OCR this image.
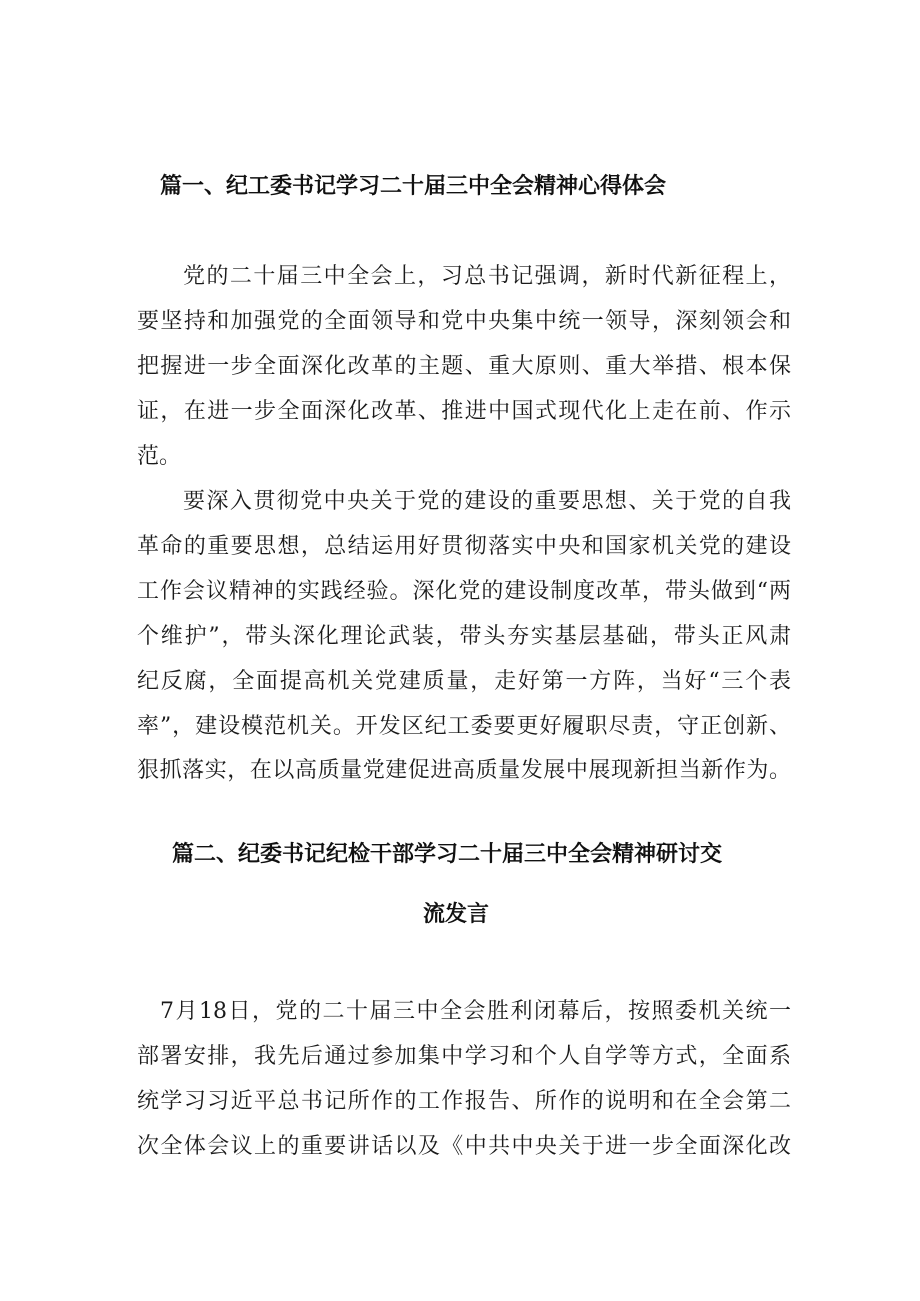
篇一、纪工委书记学习二十届三中全会精神心得体会
党的二十届三中全会上，习总书记强调，新时代新征程上，
要坚持和加强党的全面领导和党中央集中统一领导，深刻领会和
把握进一步全面深化改革的主题、重大原则、重大举措、根本保
证，在进一步全面深化改革、推进中国式现代化上走在前、作示
范。
要深入贯彻党中央关于党的建设的重要思想、关于党的自我
革命的重要思想，总结运用好贯彻落实中央和国家机关党的建设
工作会议精神的实践经验。深化党的建设制度改革，带头做到“两
个维护”，带头深化理论武装，带头夯实基层基础，带头正风肃
纪反腐，全面提高机关党建质量，走好第一方阵，当好“三个表
率”，建设模范机关。开发区纪工委要更好履职尽责，守正创新、
狠抓落实，在以高质量党建促进高质量发展中展现新担当新作为。
篇二、纪委书记纪检干部学习二十届三中全会精神研讨交
流发言
7月18日，党的二十届三中全会胜利闭幕后，按照委机关统一
部署安排，我先后通过参加集中学习和个人自学等方式，全面系
统学习习近平总书记所作的工作报告、所作的说明和在全会第二
次全体会议上的重要讲话以及《中共中央关于进一步全面深化改
